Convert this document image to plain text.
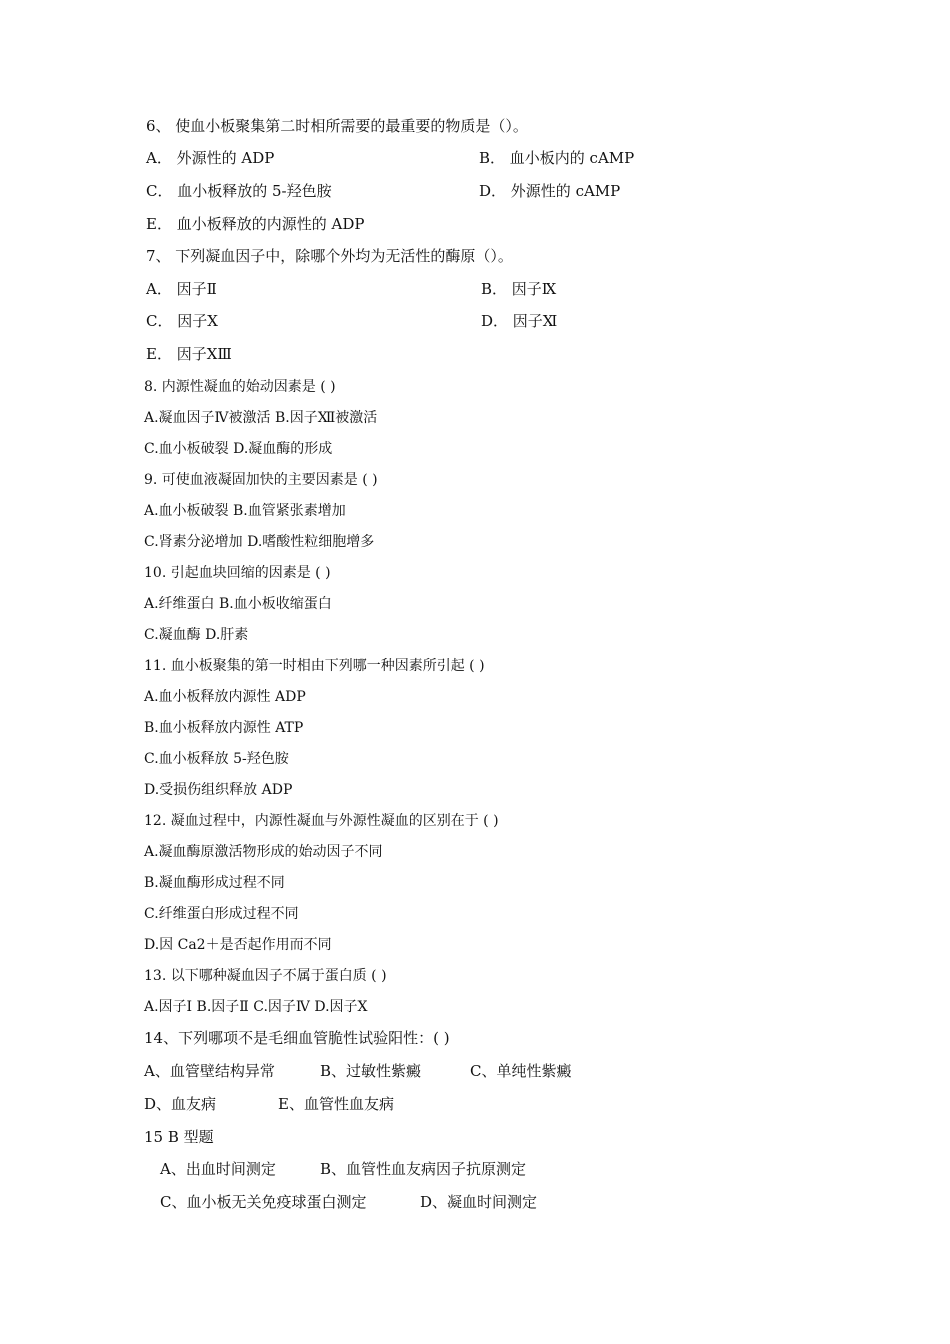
6、 使血小板聚集第二时相所需要的最重要的物质是（）。
A． 外源性的 ADP	B． 血小板内的 cAMP
C． 血小板释放的 5-羟色胺	D． 外源性的 cAMP
E． 血小板释放的内源性的 ADP
7、 下列凝血因子中，除哪个外均为无活性的酶原（）。
A． 因子Ⅱ	B． 因子Ⅸ
C． 因子Ⅹ	D． 因子Ⅺ
E． 因子ⅩⅢ
8. 内源性凝血的始动因素是 ( )
A.凝血因子Ⅳ被激活 B.因子Ⅻ被激活
C.血小板破裂 D.凝血酶的形成
9. 可使血液凝固加快的主要因素是 ( )
A.血小板破裂 B.血管紧张素增加
C.肾素分泌增加 D.嗜酸性粒细胞增多
10. 引起血块回缩的因素是 ( )
A.纤维蛋白 B.血小板收缩蛋白
C.凝血酶 D.肝素
11. 血小板聚集的第一时相由下列哪一种因素所引起 ( )
A.血小板释放内源性 ADP
B.血小板释放内源性 ATP
C.血小板释放 5-羟色胺
D.受损伤组织释放 ADP
12. 凝血过程中，内源性凝血与外源性凝血的区别在于 ( )
A.凝血酶原激活物形成的始动因子不同
B.凝血酶形成过程不同
C.纤维蛋白形成过程不同
D.因 Ca2＋是否起作用而不同
13. 以下哪种凝血因子不属于蛋白质 ( )
A.因子Ⅰ B.因子Ⅱ C.因子Ⅳ D.因子Ⅹ
14、下列哪项不是毛细血管脆性试验阳性：( )
A、血管壁结构异常	B、过敏性紫癜	C、单纯性紫癜
D、血友病	E、血管性血友病
15 B 型题
A、出血时间测定	B、血管性血友病因子抗原测定
C、血小板无关免疫球蛋白测定	D、凝血时间测定
